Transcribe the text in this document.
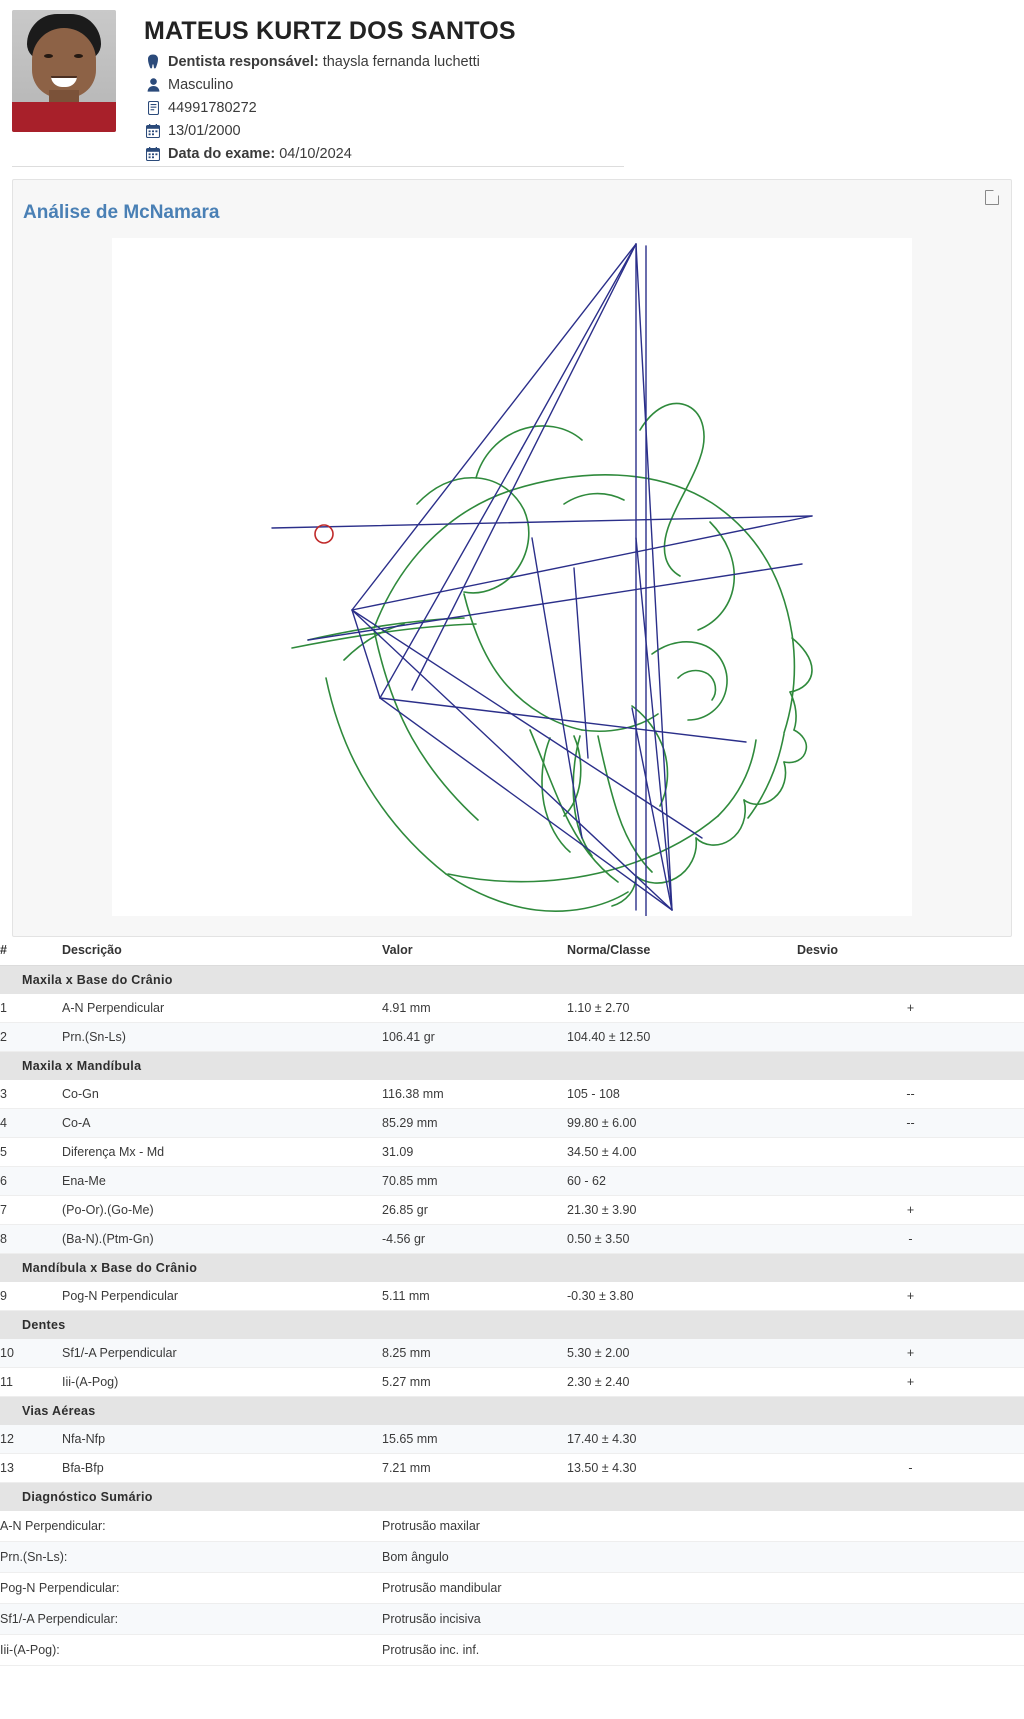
MATEUS KURTZ DOS SANTOS
Dentista responsável: thaysla fernanda luchetti
Masculino
44991780272
13/01/2000
Data do exame: 04/10/2024
Análise de McNamara
#	Descrição	Valor	Norma/Classe	Desvio
Maxila x Base do Crânio				
1	A-N Perpendicular	4.91 mm	1.10 ± 2.70	+
2	Prn.(Sn-Ls)	106.41 gr	104.40 ± 12.50	
Maxila x Mandíbula				
3	Co-Gn	116.38 mm	105 - 108	--
4	Co-A	85.29 mm	99.80 ± 6.00	--
5	Diferença Mx - Md	31.09	34.50 ± 4.00	
6	Ena-Me	70.85 mm	60 - 62	
7	(Po-Or).(Go-Me)	26.85 gr	21.30 ± 3.90	+
8	(Ba-N).(Ptm-Gn)	-4.56 gr	0.50 ± 3.50	-
Mandíbula x Base do Crânio				
9	Pog-N Perpendicular	5.11 mm	-0.30 ± 3.80	+
Dentes				
10	Sf1/-A Perpendicular	8.25 mm	5.30 ± 2.00	+
11	Iii-(A-Pog)	5.27 mm	2.30 ± 2.40	+
Vias Aéreas				
12	Nfa-Nfp	15.65 mm	17.40 ± 4.30	
13	Bfa-Bfp	7.21 mm	13.50 ± 4.30	-
Diagnóstico Sumário				
A-N Perpendicular:		Protrusão maxilar		
Prn.(Sn-Ls):		Bom ângulo		
Pog-N Perpendicular:		Protrusão mandibular		
Sf1/-A Perpendicular:		Protrusão incisiva		
Iii-(A-Pog):		Protrusão inc. inf.		
